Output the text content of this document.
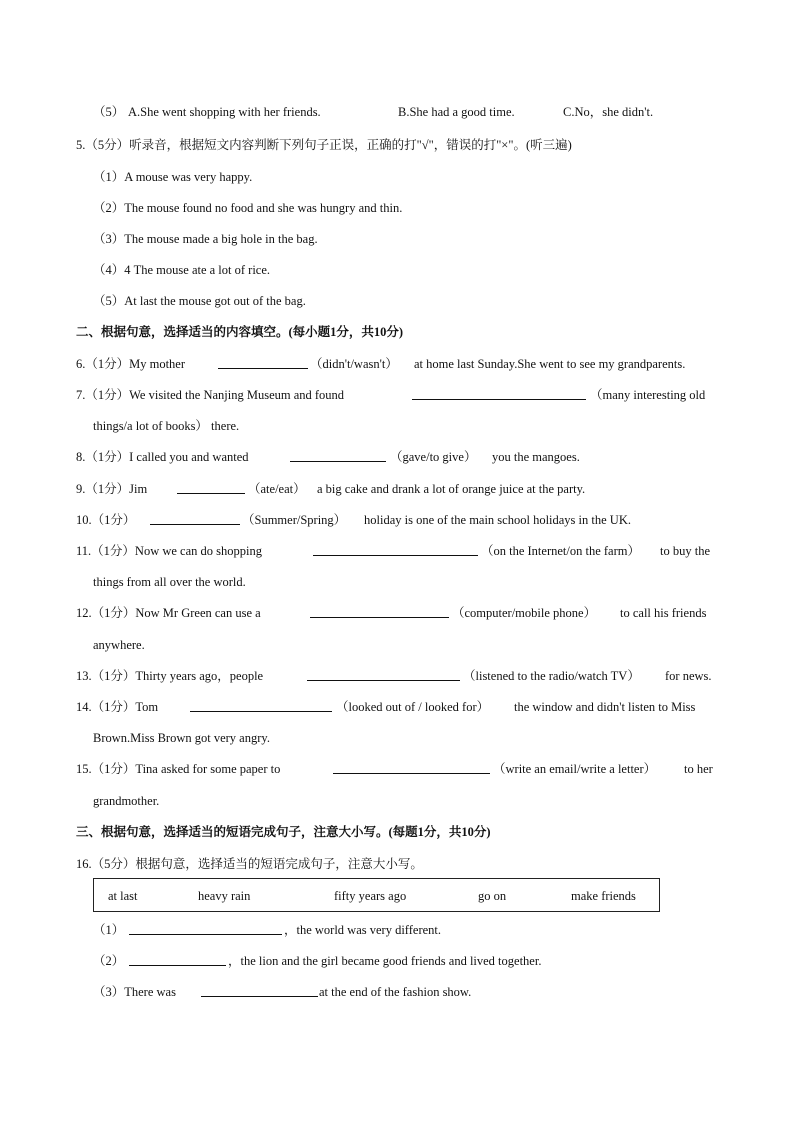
（5） A.She went shopping with her friends.	B.She had a good time.	C.No，she didn't.
5.（5分）听录音，根据短文内容判断下列句子正误，正确的打"√"，错误的打"×"。(听三遍)
（1）A mouse was very happy.
（2）The mouse found no food and she was hungry and thin.
（3）The mouse made a big hole in the bag.
（4）4 The mouse ate a lot of rice.
（5）At last the mouse got out of the bag.
二、根据句意，选择适当的内容填空。(每小题1分，共10分)
6.（1分）My mother	（didn't/wasn't） at home last Sunday.She went to see my grandparents.
7.（1分）We visited the Nanjing Museum and found	（many interesting old
things/a lot of books） there.
8.（1分）I called you and wanted	（gave/to give） you the mangoes.
9.（1分）Jim	（ate/eat） a big cake and drank a lot of orange juice at the party.
10.（1分）	（Summer/Spring） holiday is one of the main school holidays in the UK.
11.（1分）Now we can do shopping	（on the Internet/on the farm） to buy the
things from all over the world.
12.（1分）Now Mr Green can use a	（computer/mobile phone） to call his friends
anywhere.
13.（1分）Thirty years ago，people	（listened to the radio/watch TV） for news.
14.（1分）Tom	（looked out of / looked for） the window and didn't listen to Miss
Brown.Miss Brown got very angry.
15.（1分）Tina asked for some paper to	（write an email/write a letter） to her
grandmother.
三、根据句意，选择适当的短语完成句子，注意大小写。(每题1分，共10分)
16.（5分）根据句意，选择适当的短语完成句子，注意大小写。
at last	heavy rain	fifty years ago	go on	make friends
（1）	，the world was very different.
（2）	，the lion and the girl became good friends and lived together.
（3）There was	at the end of the fashion show.
